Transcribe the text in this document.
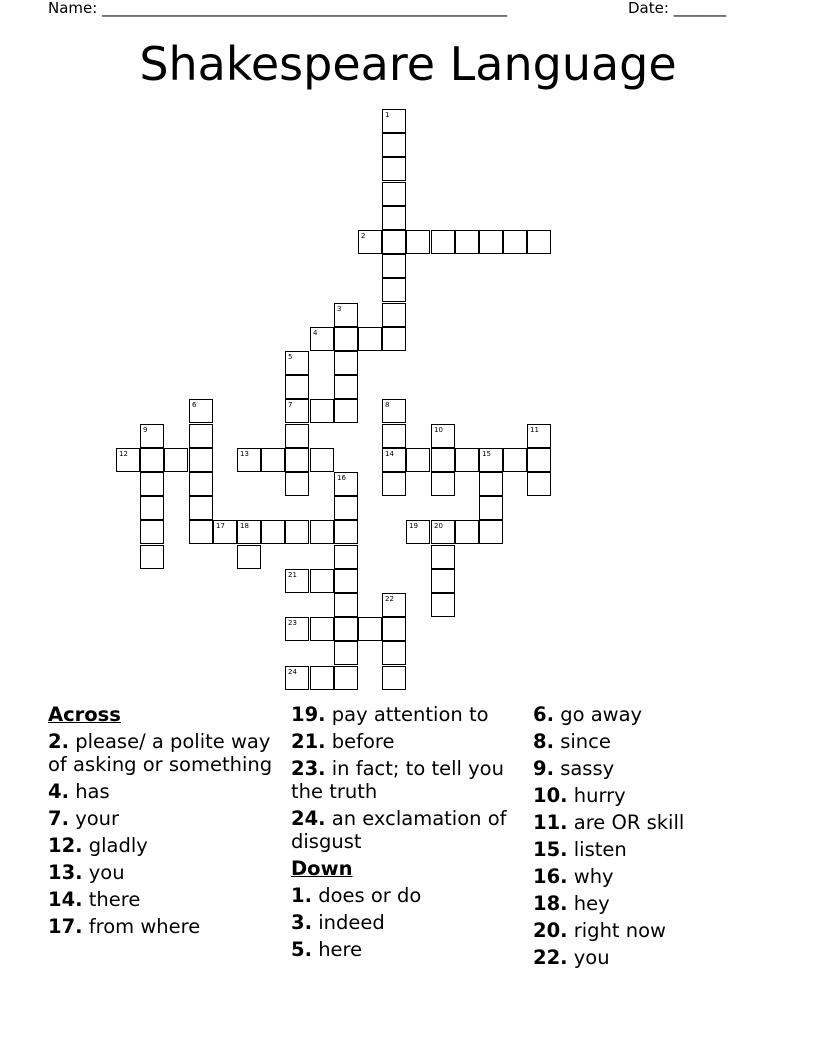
Name: ______________________________________________________	Date: _______
Shakespeare Language
1
2
3
4
5
7
6	8
14
9	10	11
12	13	15
16
17 18	19 20
21
22
23
24
Across
2. please/ a polite way of asking or something
4. has
7. your
12. gladly
13. you
14. there
17. from where
19. pay attention to
21. before
23. in fact; to tell you the truth
24. an exclamation of disgust
Down
1. does or do
3. indeed
5. here
6. go away
8. since
9. sassy
10. hurry
11. are OR skill
15. listen
16. why
18. hey
20. right now
22. you
